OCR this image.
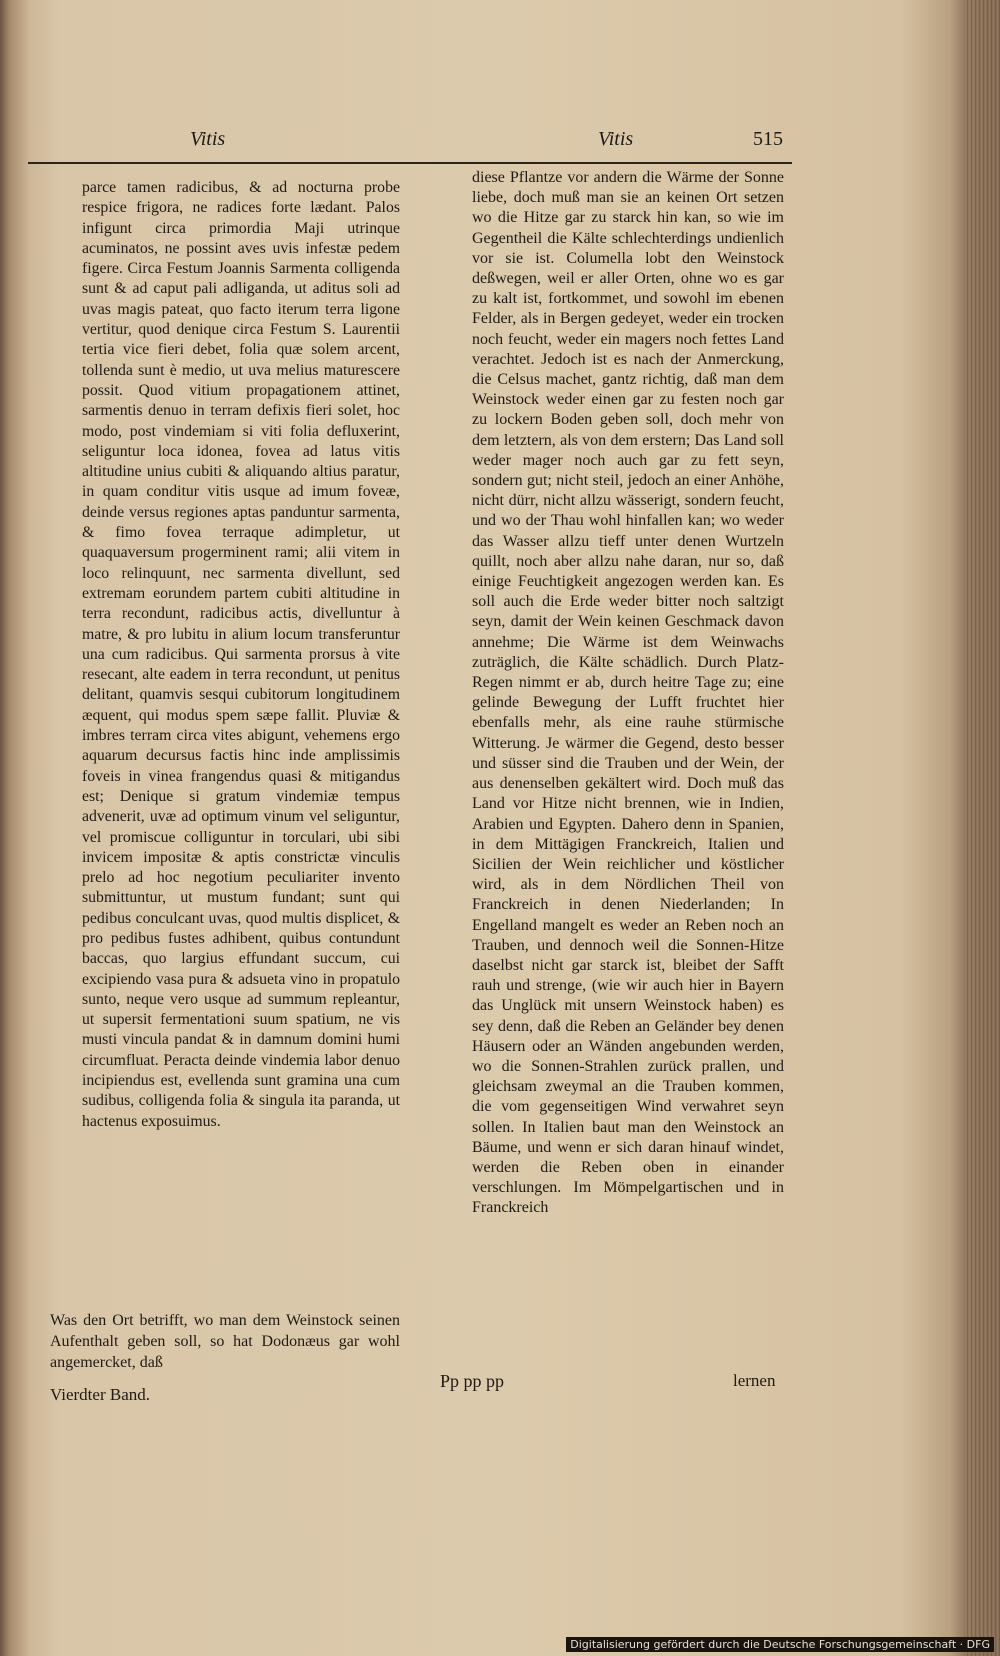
Vitis	Vitis	515

parce tamen radicibus, & ad nocturna probe respice frigora, ne radices forte lædant. Palos infigunt circa primordia Maji utrinque acuminatos, ne possint aves uvis infestæ pedem figere. Circa Festum Joannis Sarmenta colligenda sunt & ad caput pali adliganda, ut aditus soli ad uvas magis pateat, quo facto iterum terra ligone vertitur, quod denique circa Festum S. Laurentii tertia vice fieri debet, folia quæ solem arcent, tollenda sunt è medio, ut uva melius maturescere possit. Quod vitium propagationem attinet, sarmentis denuo in terram defixis fieri solet, hoc modo, post vindemiam si viti folia defluxerint, seliguntur loca idonea, fovea ad latus vitis altitudine unius cubiti & aliquando altius paratur, in quam conditur vitis usque ad imum foveæ, deinde versus regiones aptas panduntur sarmenta, & fimo fovea terraque adimpletur, ut quaquaversum progerminent rami; alii vitem in loco relinquunt, nec sarmenta divellunt, sed extremam eorundem partem cubiti altitudine in terra recondunt, radicibus actis, divelluntur à matre, & pro lubitu in alium locum transferuntur una cum radicibus. Qui sarmenta prorsus à vite resecant, alte eadem in terra recondunt, ut penitus delitant, quamvis sesqui cubitorum longitudinem æquent, qui modus spem sæpe fallit. Pluviæ & imbres terram circa vites abigunt, vehemens ergo aquarum decursus factis hinc inde amplissimis foveis in vinea frangendus quasi & mitigandus est; Denique si gratum vindemiæ tempus advenerit, uvæ ad optimum vinum vel seliguntur, vel promiscue colliguntur in torculari, ubi sibi invicem impositæ & aptis constrictæ vinculis prelo ad hoc negotium peculiariter invento submittuntur, ut mustum fundant; sunt qui pedibus conculcant uvas, quod multis displicet, & pro pedibus fustes adhibent, quibus contundunt baccas, quo largius effundant succum, cui excipiendo vasa pura & adsueta vino in propatulo sunto, neque vero usque ad summum repleantur, ut supersit fermentationi suum spatium, ne vis musti vincula pandat & in damnum domini humi circumfluat. Peracta deinde vindemia labor denuo incipiendus est, evellenda sunt gramina una cum sudibus, colligenda folia & singula ita paranda, ut hactenus exposuimus.

Was den Ort betrifft, wo man dem Weinstock seinen Aufenthalt geben soll, so hat Dodonæus gar wohl angemercket, daß

diese Pflantze vor andern die Wärme der Sonne liebe, doch muß man sie an keinen Ort setzen wo die Hitze gar zu starck hin kan, so wie im Gegentheil die Kälte schlechterdings undienlich vor sie ist. Columella lobt den Weinstock deßwegen, weil er aller Orten, ohne wo es gar zu kalt ist, fortkommet, und sowohl im ebenen Felder, als in Bergen gedeyet, weder ein trocken noch feucht, weder ein magers noch fettes Land verachtet. Jedoch ist es nach der Anmerckung, die Celsus machet, gantz richtig, daß man dem Weinstock weder einen gar zu festen noch gar zu lockern Boden geben soll, doch mehr von dem letztern, als von dem erstern; Das Land soll weder mager noch auch gar zu fett seyn, sondern gut; nicht steil, jedoch an einer Anhöhe, nicht dürr, nicht allzu wässerigt, sondern feucht, und wo der Thau wohl hinfallen kan; wo weder das Wasser allzu tieff unter denen Wurtzeln quillt, noch aber allzu nahe daran, nur so, daß einige Feuchtigkeit angezogen werden kan. Es soll auch die Erde weder bitter noch saltzigt seyn, damit der Wein keinen Geschmack davon annehme; Die Wärme ist dem Weinwachs zuträglich, die Kälte schädlich. Durch Platz-Regen nimmt er ab, durch heitre Tage zu; eine gelinde Bewegung der Lufft fruchtet hier ebenfalls mehr, als eine rauhe stürmische Witterung. Je wärmer die Gegend, desto besser und süsser sind die Trauben und der Wein, der aus denenselben gekältert wird. Doch muß das Land vor Hitze nicht brennen, wie in Indien, Arabien und Egypten. Dahero denn in Spanien, in dem Mittägigen Franckreich, Italien und Sicilien der Wein reichlicher und köstlicher wird, als in dem Nördlichen Theil von Franckreich in denen Niederlanden; In Engelland mangelt es weder an Reben noch an Trauben, und dennoch weil die Sonnen-Hitze daselbst nicht gar starck ist, bleibet der Safft rauh und strenge, (wie wir auch hier in Bayern das Unglück mit unsern Weinstock haben) es sey denn, daß die Reben an Geländer bey denen Häusern oder an Wänden angebunden werden, wo die Sonnen-Strahlen zurück prallen, und gleichsam zweymal an die Trauben kommen, die vom gegenseitigen Wind verwahret seyn sollen. In Italien baut man den Weinstock an Bäume, und wenn er sich daran hinauf windet, werden die Reben oben in einander verschlungen. Im Mömpelgartischen und in Franckreich

Vierdter Band.
Pp pp pp	lernen
Digitalisierung gefördert durch die Deutsche Forschungsgemeinschaft · DFG
